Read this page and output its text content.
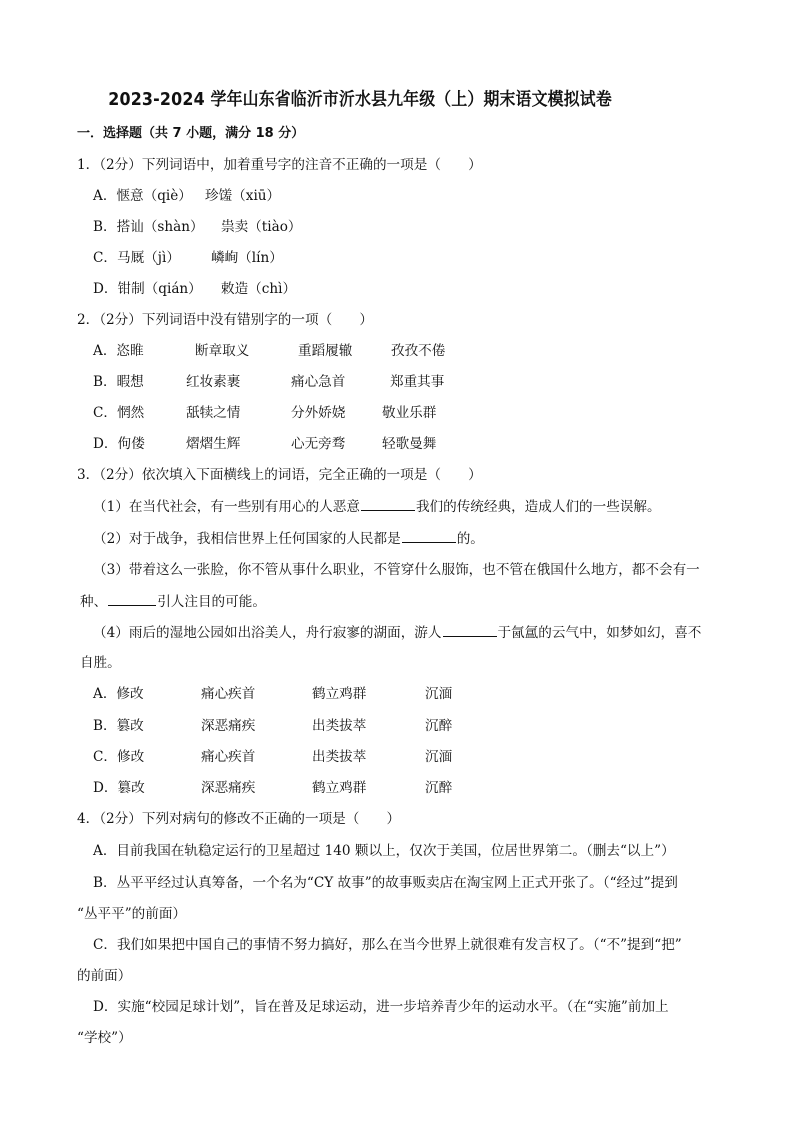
2023-2024 学年山东省临沂市沂水县九年级（上）期末语文模拟试卷
一．选择题（共 7 小题，满分 18 分）
1．（2分）下列词语中，加着重号字的注音不正确的一项是（　　）
A．惬意（qiè） 珍馐（xiū）
B．搭讪（shàn） 祟卖（tiào）
C．马厩（jì） 嶙峋（lín）
D．钳制（qián） 敕造（chì）
2．（2分）下列词语中没有错别字的一项（　　）
A．恣睢	断章取义	重蹈履辙	孜孜不倦
B．暇想	红妆素裹	痛心急首	郑重其事
C．惘然	舐犊之情	分外娇娆	敬业乐群
D．佝偻	熠熠生辉	心无旁骛	轻歌曼舞
3．（2分）依次填入下面横线上的词语，完全正确的一项是（　　）
（1）在当代社会，有一些别有用心的人恶意	我们的传统经典，造成人们的一些误解。
（2）对于战争，我相信世界上任何国家的人民都是	的。
（3）带着这么一张脸，你不管从事什么职业，不管穿什么服饰，也不管在俄国什么地方，都不会有一
种、	引人注目的可能。
（4）雨后的湿地公园如出浴美人，舟行寂寥的湖面，游人	于氤氲的云气中，如梦如幻，喜不
自胜。
A．修改	痛心疾首	鹤立鸡群	沉湎
B．篡改	深恶痛疾	出类拔萃	沉醉
C．修改	痛心疾首	出类拔萃	沉湎
D．篡改	深恶痛疾	鹤立鸡群	沉醉
4．（2分）下列对病句的修改不正确的一项是（　　）
A．目前我国在轨稳定运行的卫星超过 140 颗以上，仅次于美国，位居世界第二。（删去“以上”）
B．丛平平经过认真筹备，一个名为“CY 故事”的故事贩卖店在淘宝网上正式开张了。（“经过”提到
“丛平平”的前面）
C．我们如果把中国自己的事情不努力搞好，那么在当今世界上就很难有发言权了。（“不”提到“把”
的前面）
D．实施“校园足球计划”，旨在普及足球运动，进一步培养青少年的运动水平。（在“实施”前加上
“学校”）
